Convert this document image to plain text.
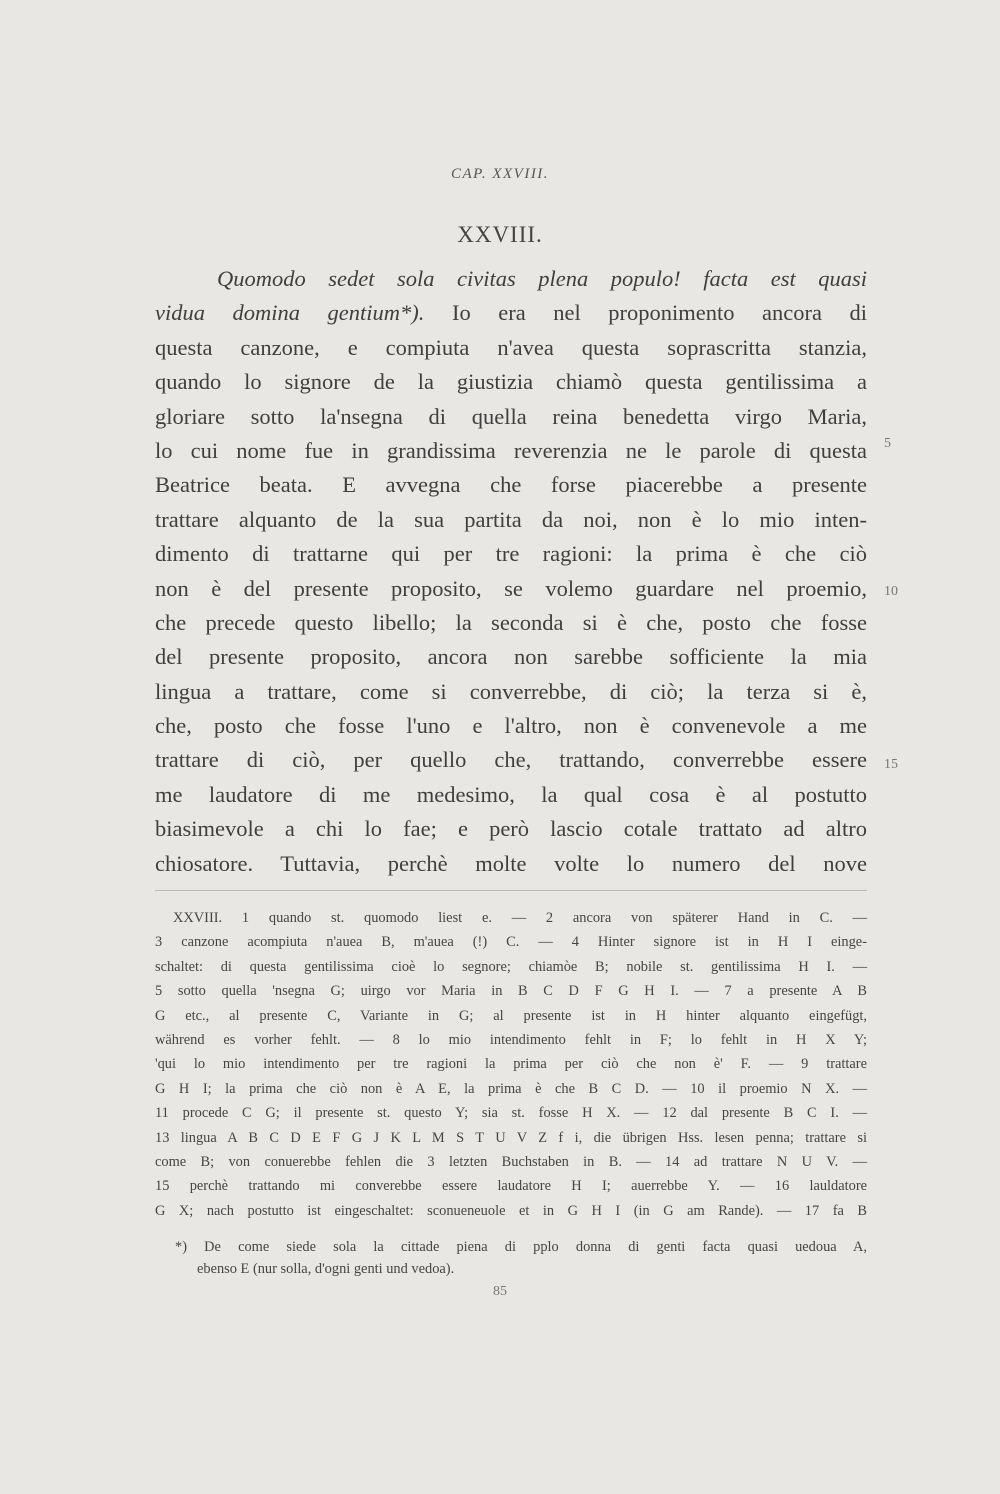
CAP. XXVIII.
XXVIII.
Quomodo sedet sola civitas plena populo! facta est quasi
vidua domina gentium*). Io era nel proponimento ancora di
questa canzone, e compiuta n'avea questa soprascritta stanzia,
quando lo signore de la giustizia chiamò questa gentilissima a
gloriare sotto la'nsegna di quella reina benedetta virgo Maria,
lo cui nome fue in grandissima reverenzia ne le parole di questa
Beatrice beata. E avvegna che forse piacerebbe a presente
trattare alquanto de la sua partita da noi, non è lo mio inten-
dimento di trattarne qui per tre ragioni: la prima è che ciò
non è del presente proposito, se volemo guardare nel proemio,
che precede questo libello; la seconda si è che, posto che fosse
del presente proposito, ancora non sarebbe sofficiente la mia
lingua a trattare, come si converrebbe, di ciò; la terza si è,
che, posto che fosse l'uno e l'altro, non è convenevole a me
trattare di ciò, per quello che, trattando, converrebbe essere
me laudatore di me medesimo, la qual cosa è al postutto
biasimevole a chi lo fae; e però lascio cotale trattato ad altro
chiosatore. Tuttavia, perchè molte volte lo numero del nove
5
10
15
XXVIII. 1 quando st. quomodo liest e. — 2 ancora von späterer Hand in C. —
3 canzone acompiuta n'auea B, m'auea (!) C. — 4 Hinter signore ist in H I einge-
schaltet: di questa gentilissima cioè lo segnore; chiamòe B; nobile st. gentilissima H I. —
5 sotto quella 'nsegna G; uirgo vor Maria in B C D F G H I. — 7 a presente A B
G etc., al presente C, Variante in G; al presente ist in H hinter alquanto eingefügt,
während es vorher fehlt. — 8 lo mio intendimento fehlt in F; lo fehlt in H X Y;
'qui lo mio intendimento per tre ragioni la prima per ciò che non è' F. — 9 trattare
G H I; la prima che ciò non è A E, la prima è che B C D. — 10 il proemio N X. —
11 procede C G; il presente st. questo Y; sia st. fosse H X. — 12 dal presente B C I. —
13 lingua A B C D E F G J K L M S T U V Z f i, die übrigen Hss. lesen penna; trattare si
come B; von conuerebbe fehlen die 3 letzten Buchstaben in B. — 14 ad trattare N U V. —
15 perchè trattando mi converebbe essere laudatore H I; auerrebbe Y. — 16 lauldatore
G X; nach postutto ist eingeschaltet: sconueneuole et in G H I (in G am Rande). — 17 fa B
*) De come siede sola la cittade piena di pplo donna di genti facta quasi uedoua A,
ebenso E (nur solla, d'ogni genti und vedoa).
85
